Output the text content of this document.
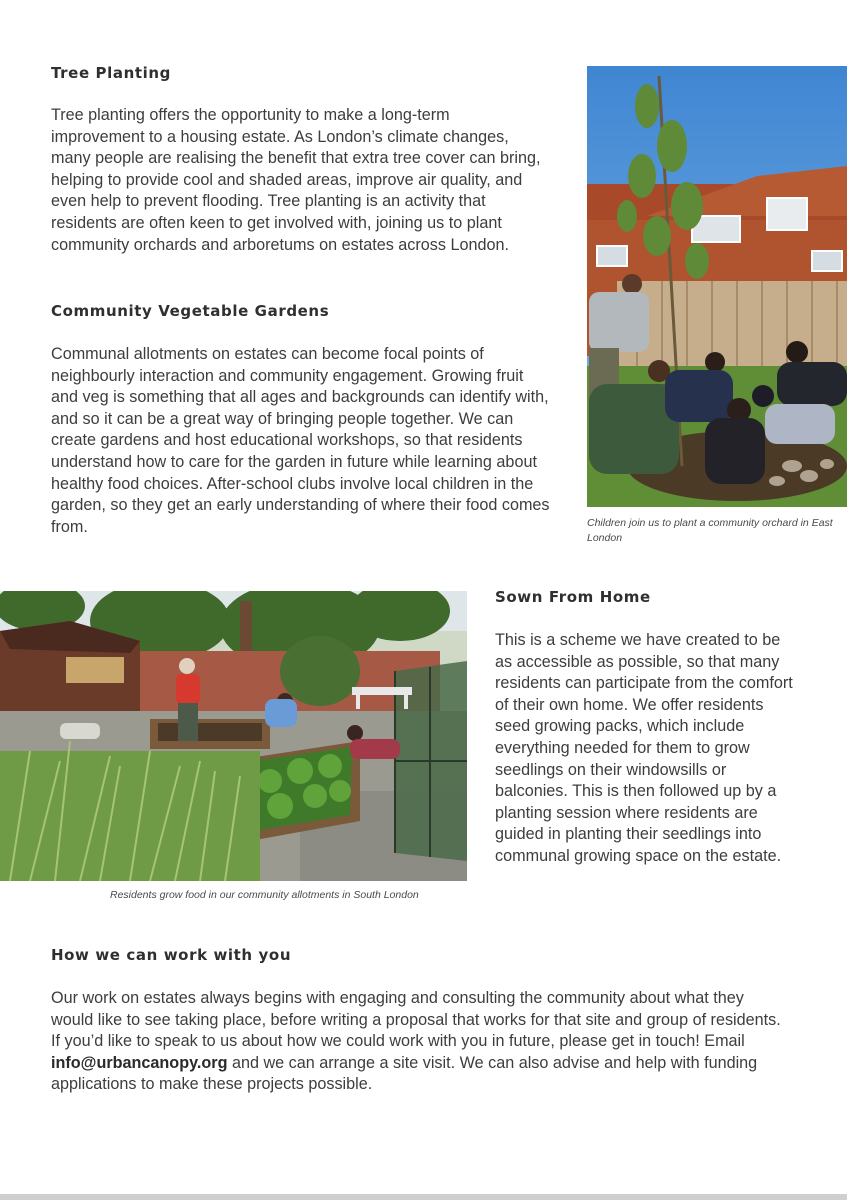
Tree Planting

Tree planting offers the opportunity to make a long-term improvement to a housing estate. As London’s climate changes, many people are realising the benefit that extra tree cover can bring, helping to provide cool and shaded areas, improve air quality, and even help to prevent flooding. Tree planting is an activity that residents are often keen to get involved with, joining us to plant community orchards and arboretums on estates across London.

Community Vegetable Gardens

Communal allotments on estates can become focal points of neighbourly interaction and community engagement. Growing fruit and veg is something that all ages and backgrounds can identify with, and so it can be a great way of bringing people together. We can create gardens and host educational workshops, so that residents understand how to care for the garden in future while learning about healthy food choices. After-school clubs involve local children in the garden, so they get an early understanding of where their food comes from.	Children join us to plant a community orchard in East London

Residents grow food in our community allotments in South London

Sown From Home

This is a scheme we have created to be as accessible as possible, so that many residents can participate from the comfort of their own home. We offer residents seed growing packs, which include everything needed for them to grow seedlings on their windowsills or balconies. This is then followed up by a planting session where residents are guided in planting their seedlings into communal growing space on the estate.

How we can work with you

Our work on estates always begins with engaging and consulting the community about what they would like to see taking place, before writing a proposal that works for that site and group of residents. If you’d like to speak to us about how we could work with you in future, please get in touch! Email info@urbancanopy.org and we can arrange a site visit. We can also advise and help with funding applications to make these projects possible.
